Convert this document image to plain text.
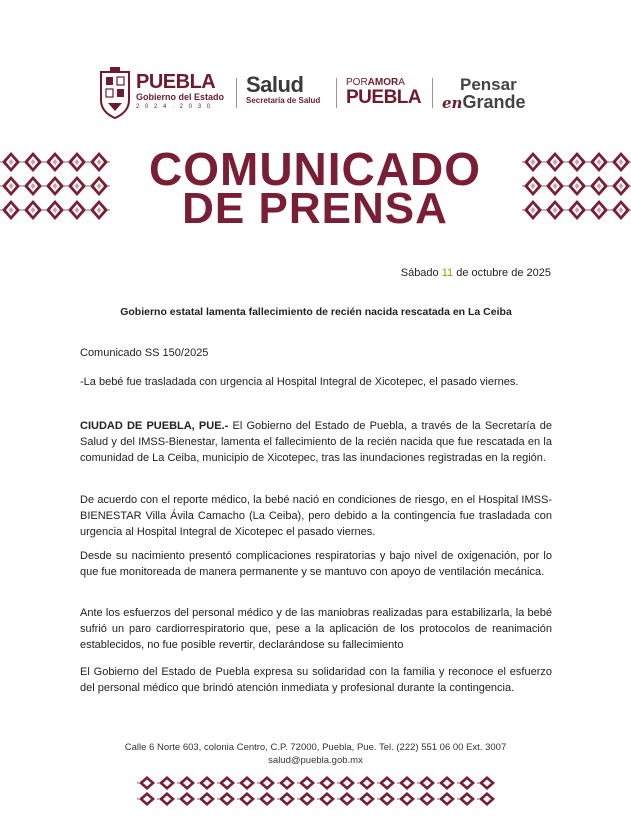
PUEBLA
Gobierno del Estado
2 0 2 4 · 2 0 3 0
Salud
Secretaría de Salud
PORAMORA
PUEBLA
Pensar
enGrande
COMUNICADO
DE PRENSA
Sábado 11 de octubre de 2025
Gobierno estatal lamenta fallecimiento de recién nacida rescatada en La Ceiba
Comunicado SS 150/2025
-La bebé fue trasladada con urgencia al Hospital Integral de Xicotepec, el pasado viernes.
CIUDAD DE PUEBLA, PUE.- El Gobierno del Estado de Puebla, a través de la Secretaría de Salud y del IMSS-Bienestar, lamenta el fallecimiento de la recién nacida que fue rescatada en la comunidad de La Ceiba, municipio de Xicotepec, tras las inundaciones registradas en la región.
De acuerdo con el reporte médico, la bebé nació en condiciones de riesgo, en el Hospital IMSS-BIENESTAR Villa Ávila Camacho (La Ceiba), pero debido a la contingencia fue trasladada con urgencia al Hospital Integral de Xicotepec el pasado viernes.
Desde su nacimiento presentó complicaciones respiratorias y bajo nivel de oxigenación, por lo que fue monitoreada de manera permanente y se mantuvo con apoyo de ventilación mecánica.
Ante los esfuerzos del personal médico y de las maniobras realizadas para estabilizarla, la bebé sufrió un paro cardiorrespiratorio que, pese a la aplicación de los protocolos de reanimación establecidos, no fue posible revertir, declarándose su fallecimiento
El Gobierno del Estado de Puebla expresa su solidaridad con la familia y reconoce el esfuerzo del personal médico que brindó atención inmediata y profesional durante la contingencia.
Calle 6 Norte 603, colonia Centro, C.P. 72000, Puebla, Pue. Tel. (222) 551 06 00 Ext. 3007
salud@puebla.gob.mx
